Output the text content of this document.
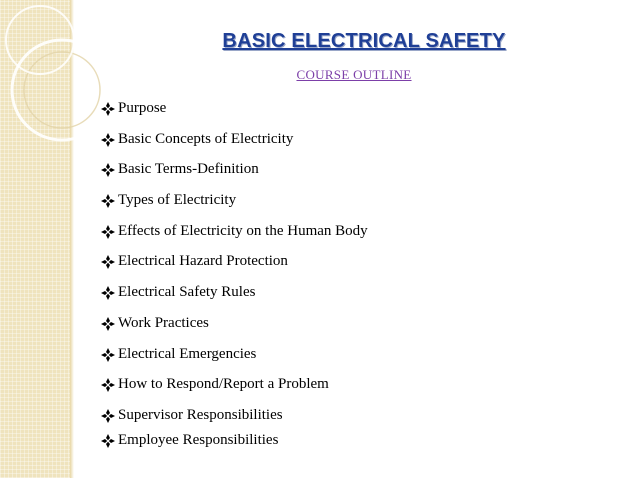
BASIC ELECTRICAL SAFETY
COURSE OUTLINE
Purpose
Basic Concepts of Electricity
Basic Terms-Definition
Types of Electricity
Effects of Electricity on the Human Body
Electrical Hazard Protection
Electrical Safety Rules
Work Practices
Electrical Emergencies
How to Respond/Report a Problem
Supervisor Responsibilities
Employee Responsibilities
